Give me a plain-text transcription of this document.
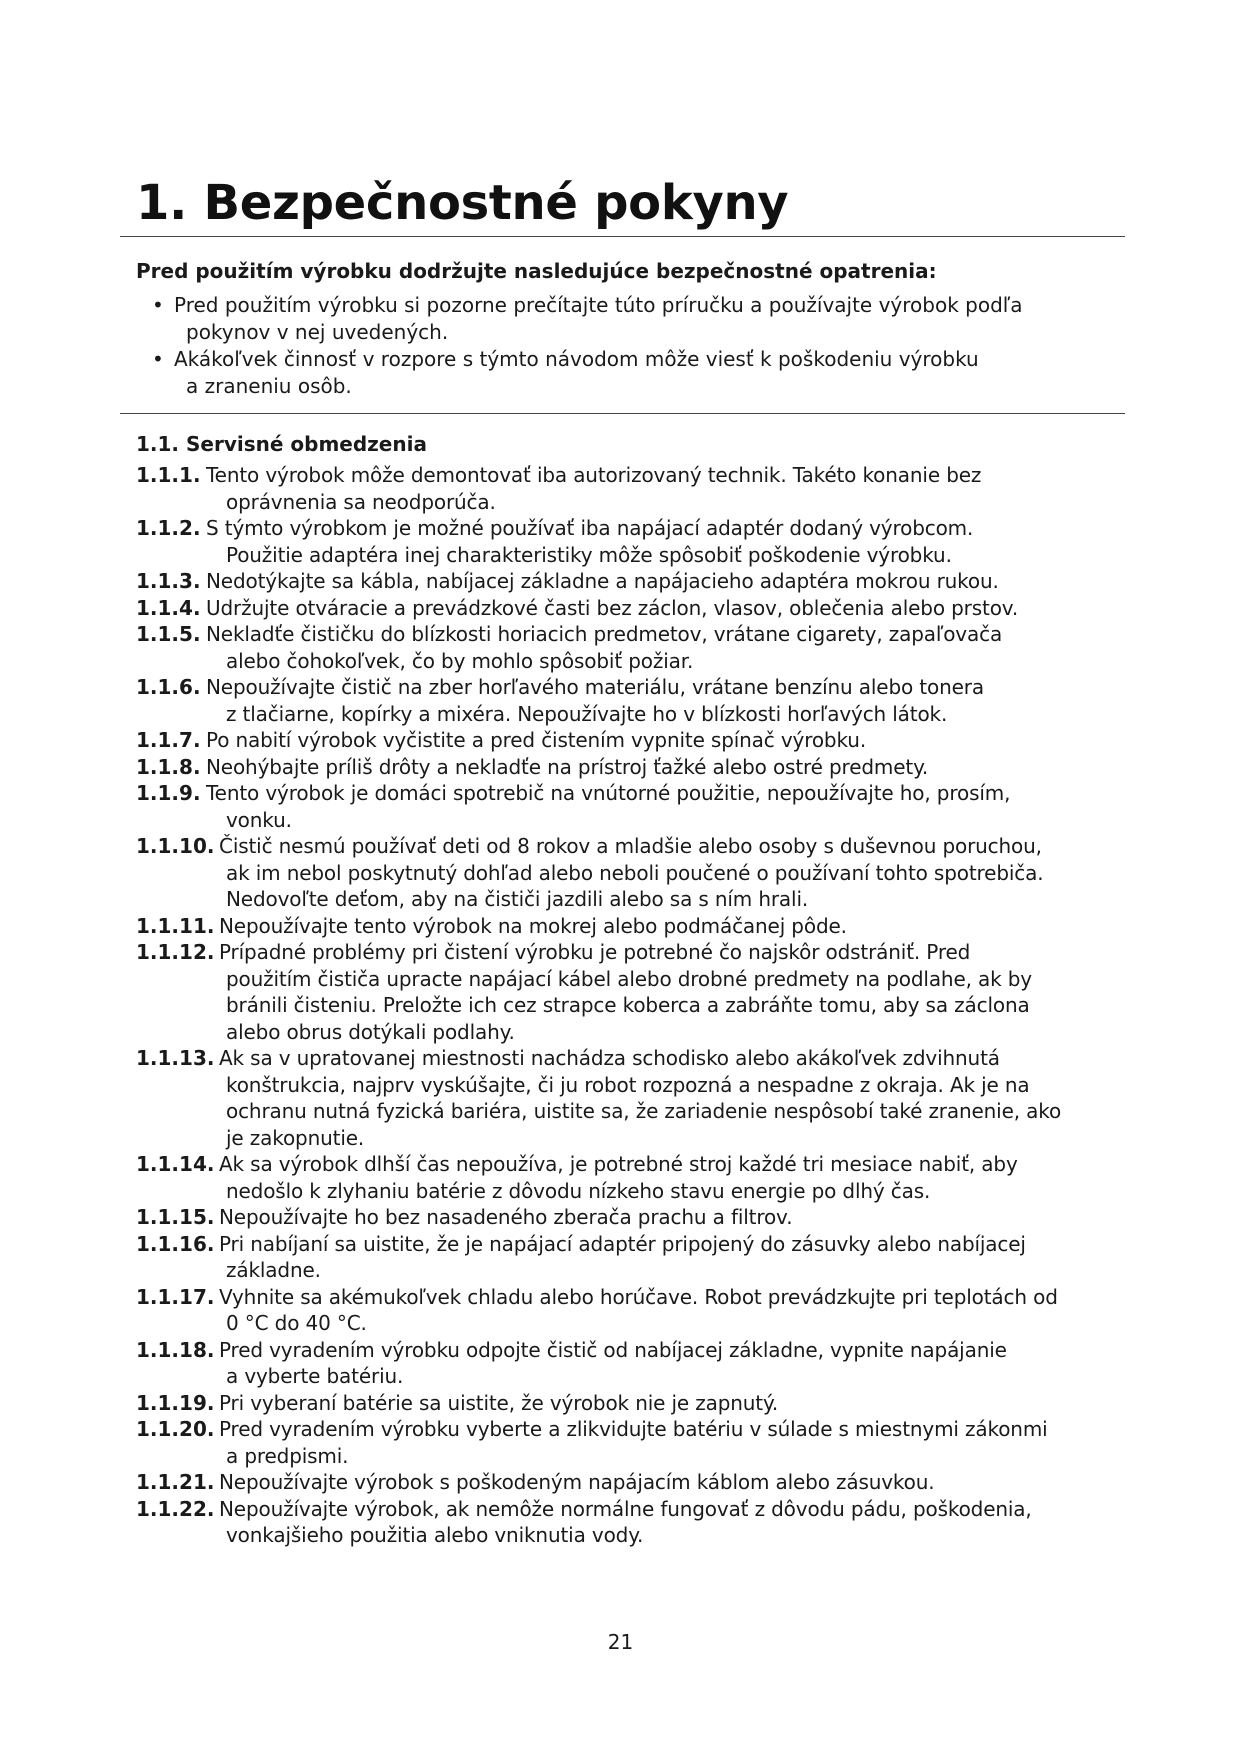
1. Bezpečnostné pokyny

Pred použitím výrobku dodržujte nasledujúce bezpečnostné opatrenia:

• Pred použitím výrobku si pozorne prečítajte túto príručku a používajte výrobok podľa
pokynov v nej uvedených.
• Akákoľvek činnosť v rozpore s týmto návodom môže viesť k poškodeniu výrobku
a zraneniu osôb.

1.1. Servisné obmedzenia

1.1.1. Tento výrobok môže demontovať iba autorizovaný technik. Takéto konanie bez
oprávnenia sa neodporúča.
1.1.2. S týmto výrobkom je možné používať iba napájací adaptér dodaný výrobcom.
Použitie adaptéra inej charakteristiky môže spôsobiť poškodenie výrobku.
1.1.3. Nedotýkajte sa kábla, nabíjacej základne a napájacieho adaptéra mokrou rukou.
1.1.4. Udržujte otváracie a prevádzkové časti bez záclon, vlasov, oblečenia alebo prstov.
1.1.5. Nekladťe čističku do blízkosti horiacich predmetov, vrátane cigarety, zapaľovača
alebo čohokoľvek, čo by mohlo spôsobiť požiar.
1.1.6. Nepoužívajte čistič na zber horľavého materiálu, vrátane benzínu alebo tonera
z tlačiarne, kopírky a mixéra. Nepoužívajte ho v blízkosti horľavých látok.
1.1.7. Po nabití výrobok vyčistite a pred čistením vypnite spínač výrobku.
1.1.8. Neohýbajte príliš drôty a nekladťe na prístroj ťažké alebo ostré predmety.
1.1.9. Tento výrobok je domáci spotrebič na vnútorné použitie, nepoužívajte ho, prosím,
vonku.
1.1.10. Čistič nesmú používať deti od 8 rokov a mladšie alebo osoby s duševnou poruchou,
ak im nebol poskytnutý dohľad alebo neboli poučené o používaní tohto spotrebiča.
Nedovoľte deťom, aby na čističi jazdili alebo sa s ním hrali.
1.1.11. Nepoužívajte tento výrobok na mokrej alebo podmáčanej pôde.
1.1.12. Prípadné problémy pri čistení výrobku je potrebné čo najskôr odstrániť. Pred
použitím čističa upracte napájací kábel alebo drobné predmety na podlahe, ak by
bránili čisteniu. Preložte ich cez strapce koberca a zabráňte tomu, aby sa záclona
alebo obrus dotýkali podlahy.
1.1.13. Ak sa v upratovanej miestnosti nachádza schodisko alebo akákoľvek zdvihnutá
konštrukcia, najprv vyskúšajte, či ju robot rozpozná a nespadne z okraja. Ak je na
ochranu nutná fyzická bariéra, uistite sa, že zariadenie nespôsobí také zranenie, ako
je zakopnutie.
1.1.14. Ak sa výrobok dlhší čas nepoužíva, je potrebné stroj každé tri mesiace nabiť, aby
nedošlo k zlyhaniu batérie z dôvodu nízkeho stavu energie po dlhý čas.
1.1.15. Nepoužívajte ho bez nasadeného zberača prachu a filtrov.
1.1.16. Pri nabíjaní sa uistite, že je napájací adaptér pripojený do zásuvky alebo nabíjacej
základne.
1.1.17. Vyhnite sa akémukoľvek chladu alebo horúčave. Robot prevádzkujte pri teplotách od
0 °C do 40 °C.
1.1.18. Pred vyradením výrobku odpojte čistič od nabíjacej základne, vypnite napájanie
a vyberte batériu.
1.1.19. Pri vyberaní batérie sa uistite, že výrobok nie je zapnutý.
1.1.20. Pred vyradením výrobku vyberte a zlikvidujte batériu v súlade s miestnymi zákonmi
a predpismi.
1.1.21. Nepoužívajte výrobok s poškodeným napájacím káblom alebo zásuvkou.
1.1.22. Nepoužívajte výrobok, ak nemôže normálne fungovať z dôvodu pádu, poškodenia,
vonkajšieho použitia alebo vniknutia vody.
21
